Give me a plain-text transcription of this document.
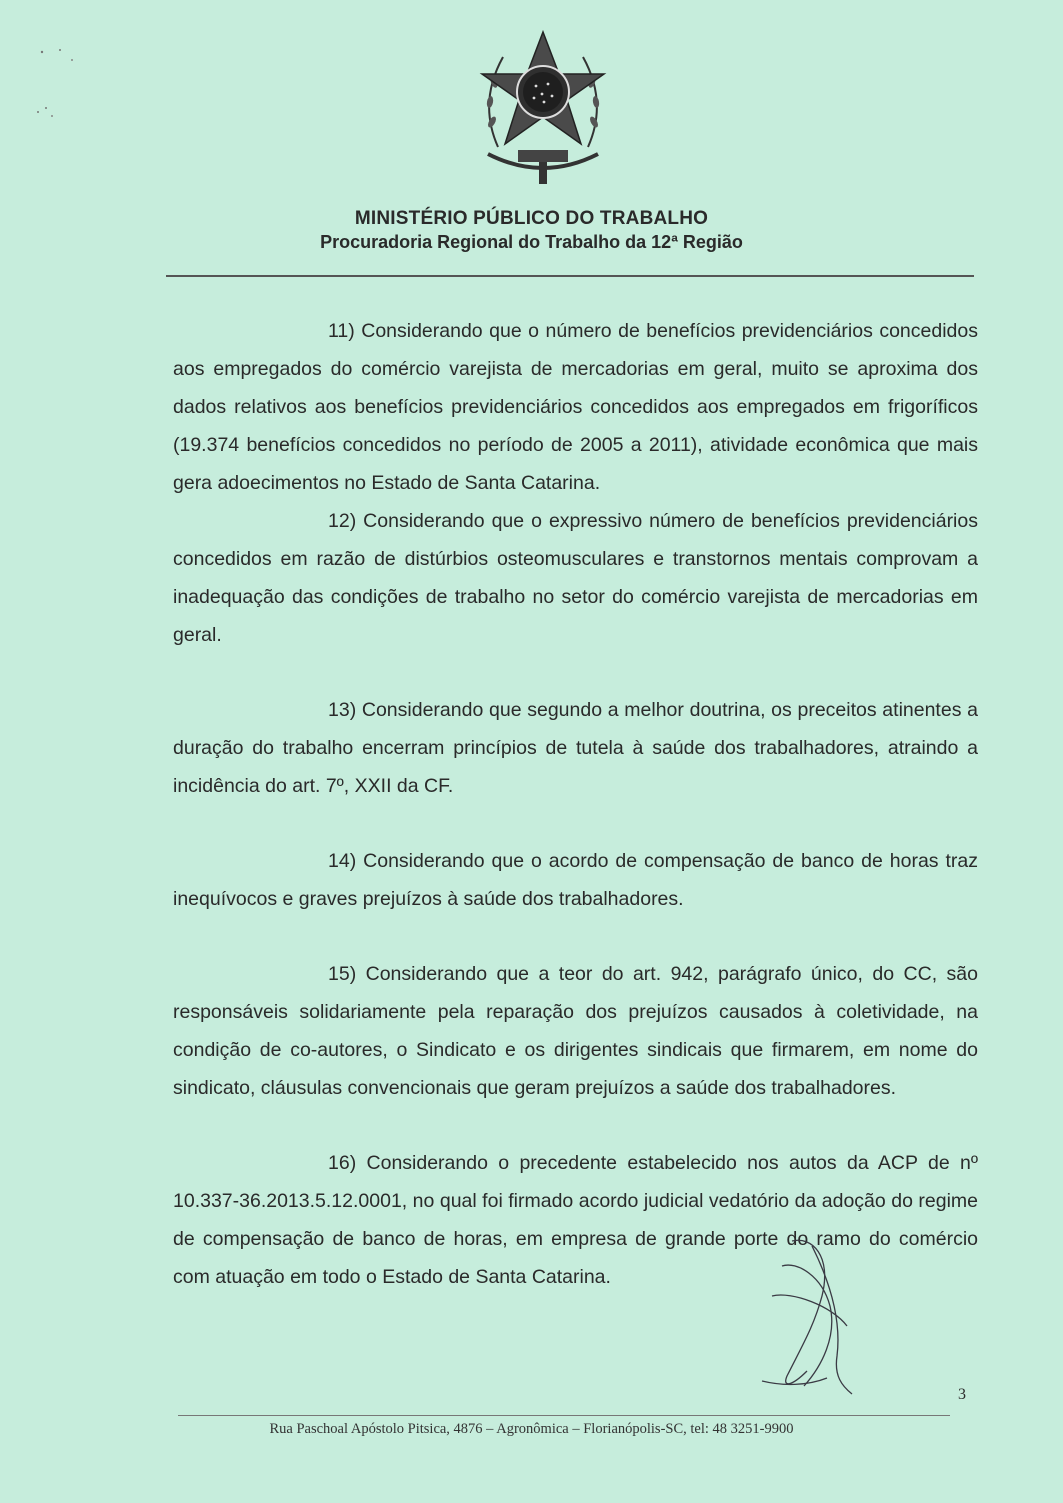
MINISTÉRIO PÚBLICO DO TRABALHO
Procuradoria Regional do Trabalho da 12ª Região

11) Considerando que o número de benefícios previdenciários concedidos aos empregados do comércio varejista de mercadorias em geral, muito se aproxima dos dados relativos aos benefícios previdenciários concedidos aos empregados em frigoríficos (19.374 benefícios concedidos no período de 2005 a 2011), atividade econômica que mais gera adoecimentos no Estado de Santa Catarina.

12) Considerando que o expressivo número de benefícios previdenciários concedidos em razão de distúrbios osteomusculares e transtornos mentais comprovam a inadequação das condições de trabalho no setor do comércio varejista de mercadorias em geral.

13) Considerando que segundo a melhor doutrina, os preceitos atinentes a duração do trabalho encerram princípios de tutela à saúde dos trabalhadores, atraindo a incidência do art. 7º, XXII da CF.

14) Considerando que o acordo de compensação de banco de horas traz inequívocos e graves prejuízos à saúde dos trabalhadores.

15) Considerando que a teor do art. 942, parágrafo único, do CC, são responsáveis solidariamente pela reparação dos prejuízos causados à coletividade, na condição de co-autores, o Sindicato e os dirigentes sindicais que firmarem, em nome do sindicato, cláusulas convencionais que geram prejuízos a saúde dos trabalhadores.

16) Considerando o precedente estabelecido nos autos da ACP de nº 10.337-36.2013.5.12.0001, no qual foi firmado acordo judicial vedatório da adoção do regime de compensação de banco de horas, em empresa de grande porte do ramo do comércio com atuação em todo o Estado de Santa Catarina.

3
Rua Paschoal Apóstolo Pitsica, 4876 – Agronômica – Florianópolis-SC, tel: 48 3251-9900
